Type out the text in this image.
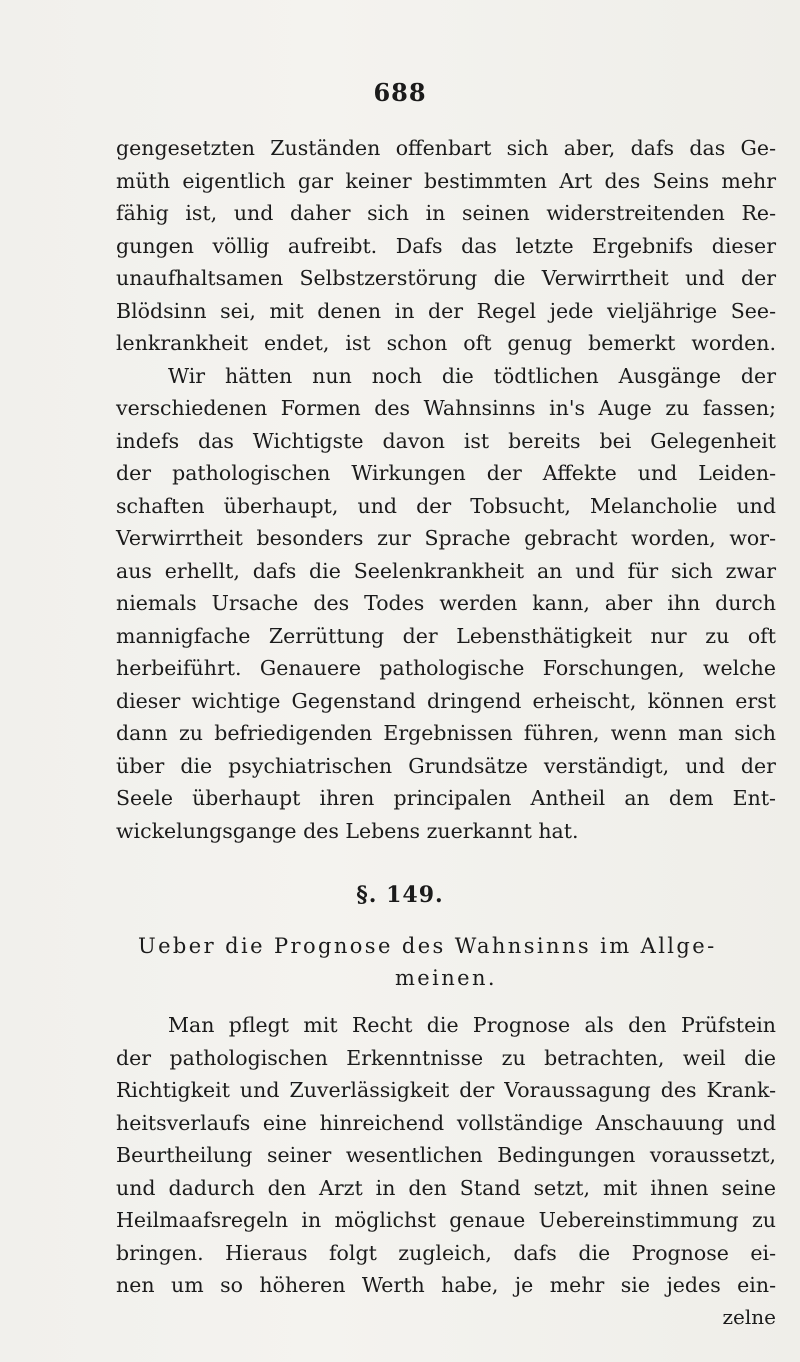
688
gengesetzten Zuständen offenbart sich aber, dafs das Ge-
müth eigentlich gar keiner bestimmten Art des Seins mehr
fähig ist, und daher sich in seinen widerstreitenden Re-
gungen völlig aufreibt. Dafs das letzte Ergebnifs dieser
unaufhaltsamen Selbstzerstörung die Verwirrtheit und der
Blödsinn sei, mit denen in der Regel jede vieljährige See-
lenkrankheit endet, ist schon oft genug bemerkt worden.
Wir hätten nun noch die tödtlichen Ausgänge der
verschiedenen Formen des Wahnsinns in's Auge zu fassen;
indefs das Wichtigste davon ist bereits bei Gelegenheit
der pathologischen Wirkungen der Affekte und Leiden-
schaften überhaupt, und der Tobsucht, Melancholie und
Verwirrtheit besonders zur Sprache gebracht worden, wor-
aus erhellt, dafs die Seelenkrankheit an und für sich zwar
niemals Ursache des Todes werden kann, aber ihn durch
mannigfache Zerrüttung der Lebensthätigkeit nur zu oft
herbeiführt. Genauere pathologische Forschungen, welche
dieser wichtige Gegenstand dringend erheischt, können erst
dann zu befriedigenden Ergebnissen führen, wenn man sich
über die psychiatrischen Grundsätze verständigt, und der
Seele überhaupt ihren principalen Antheil an dem Ent-
wickelungsgange des Lebens zuerkannt hat.
§. 149.
Ueber die Prognose des Wahnsinns im Allge-
meinen.
Man pflegt mit Recht die Prognose als den Prüfstein
der pathologischen Erkenntnisse zu betrachten, weil die
Richtigkeit und Zuverlässigkeit der Voraussagung des Krank-
heitsverlaufs eine hinreichend vollständige Anschauung und
Beurtheilung seiner wesentlichen Bedingungen voraussetzt,
und dadurch den Arzt in den Stand setzt, mit ihnen seine
Heilmaafsregeln in möglichst genaue Uebereinstimmung zu
bringen. Hieraus folgt zugleich, dafs die Prognose ei-
nen um so höheren Werth habe, je mehr sie jedes ein-
zelne
